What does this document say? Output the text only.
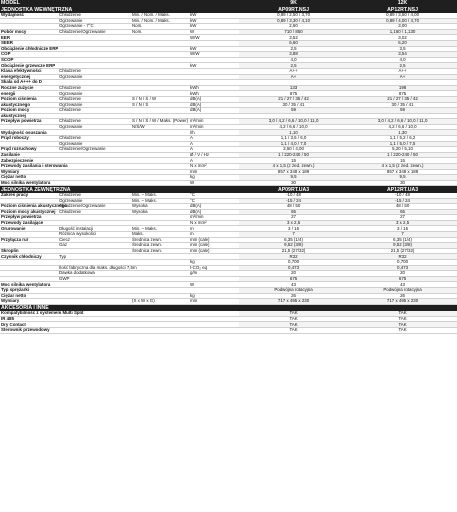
MODEL				9K	12K
JEDNOSTKA WEWNĘTRZNA				AP09RT.NSJ	AP12RT.NSJ
Wydajność	Chłodzenie	Min. / Nom. / Maks.	kW	0,89 / 2,50 / 3,70	0,89 / 3,50 / 4,00
	Ogrzewanie	Min. / Nom. / Maks.	kW	0,89 / 3,30 / 4,10	0,89 / 4,00 / 4,70
	Ogrzewanie - 7°C	Nom.	kW	2,60	3,00
Pobór mocy	Chłodzenie/Ogrzewanie	Nom.	W	710 / 850	1,160 / 1,130
EER			W/W	3,52	3,02
SEER				6,60	6,20
Obciążenie chłodnicze ERP			kW	2,5	3,5
COP			W/W	3,88	3,54
SCOP				4,0	4,0
Obciążenie grzewcze ERP			kW	2,5	2,5
Klasa efektywności	Chłodzenie			A++	A++
energetycznej	Ogrzewanie			A+	A+
Skala od A+++ do D					
Roczne zużycie	Chłodzenie		kWh	133	198
energii	Ogrzewanie		kWh	875	875
Poziom ciśnienia	Chłodzenie	S / N / Ś / W	dB(A)	21 / 27 / 35 / 42	21 / 27 / 35 / 42
akustycznego	Ogrzewanie	S / N / Ś	dB(A)	30 / 35 / 41	30 / 35 / 41
Poziom mocy	Chłodzenie		dB(A)	59	59
akustycznej					
Przepływ powietrza	Chłodzenie	S / N / Ś / W / Maks. (Power)	m³/min	3,0 / 4,2 / 6,6 / 10,0 / 11,0	3,0 / 4,2 / 6,6 / 10,0 / 11,0
	Ogrzewanie	N/Ś/W	m³/min	4,2 / 6,6 / 10,0	4,2 / 6,6 / 10,0
Wydajność osuszania			l/h	1,10	1,30
Prąd roboczy	Chłodzenie		A	1,1 / 3,5 / 6,0	1,1 / 5,2 / 6,2
	Ogrzewanie		A	1,1 / 4,0 / 7,0	1,1 / 5,0 / 7,5
Prąd rozruchowy	Chłodzenie/Ogrzewanie		A	3,50 / 4,00	5,20 / 5,10
Zasilanie			Ø / V / Hz	1 / 220-240 / 50	1 / 220-240 / 50
Zabezpieczenie			A	15	15
Przewody zasilania i sterowania			N x mm²	4 x 1,5 (z żed. zewn.)	4 x 1,5 (z żed. zewn.)
Wymiary			mm	857 x 348 x 189	857 x 348 x 189
Ciężar netto			kg	9,5	9,5
Moc silnika wentylatora			W	30	30
JEDNOSTKA ZEWNĘTRZNA				AP09RT.UA3	AP12RT.UA3
Zakres pracy	Chłodzenie	Min. – Maks.	°C	-10 / 48	-10 / 48
	Ogrzewanie	Min. – Maks.	°C	-15 / 24	-15 / 24
Poziom ciśnienia akustycznego	Chłodzenie/Ogrzewanie	Wysoka	dB(A)	48 / 50	48 / 50
Poziom mocy akustycznej	Chłodzenie	Wysoka	dB(A)	65	65
Przepływ powietrza			m³/min	27	27
Przewody zasilające			N x mm²	3 x 2,5	3 x 2,5
Orurowanie	Długość instalacji	Min. – Maks.	m	3 / 15	3 / 15
	Różnica wysokości	Maks.	m	7	7
Przyłącza rur	Ciecz	Średnica zewn.	mm (cale)	6,35 (1/4)	6,35 (1/4)
	Gaz	Średnica zewn.	mm (cale)	9,52 (3/8)	9,52 (3/8)
Skroplin		Średnica zewn.	mm (cale)	21,5 (27/32)	21,5 (27/32)
Czynnik chłodniczy	Typ			R32	R32
			kg	0,700	0,700
	Ilość fabryczna dla maks. długości 7,5m		t-CO₂ eq	0,473	0,473
	Dawka dodatkowa		g/m	20	20
	GWP			675	675
Moc silnika wentylatora			W	43	43
Typ sprężarki				Podwójna rotacyjna	Podwójna rotacyjna
Ciężar netto			kg	26	26
Wymiary		(S x W x G)	mm	717 x 495 x 230	717 x 495 x 230
AKCESORIA I INNE					
Kompatybilność z systemem Multi Split				TAK	TAK
IR 485				TAK	TAK
Dry Contact				TAK	TAK
Sterownik przewodowy				TAK	TAK
